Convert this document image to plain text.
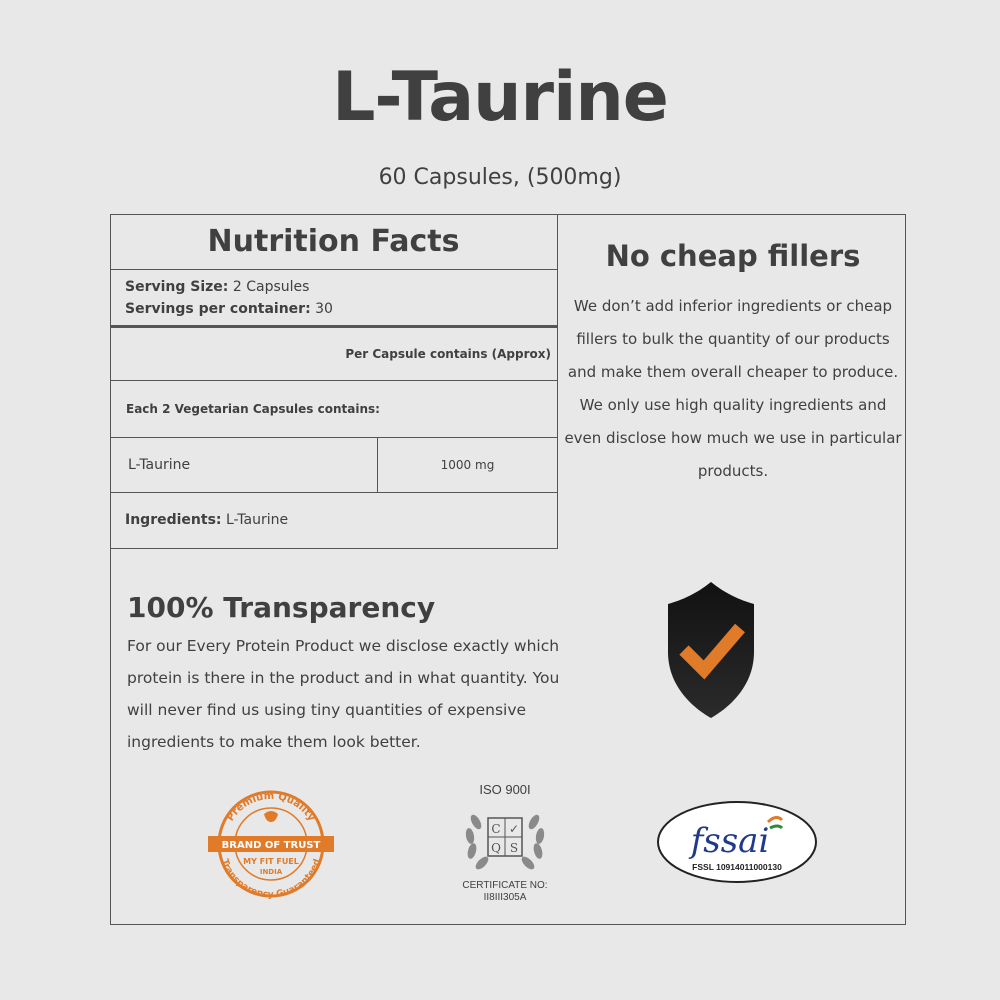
L-Taurine
60 Capsules, (500mg)
Nutrition Facts
Serving Size: 2 Capsules
Servings per container: 30
Per Capsule contains (Approx)
Each 2 Vegetarian Capsules contains:
L-Taurine	1000 mg
Ingredients: L-Taurine
No cheap fillers
We don’t add inferior ingredients or cheap fillers to bulk the quantity of our products and make them overall cheaper to produce. We only use high quality ingredients and even disclose how much we use in particular products.
100% Transparency
For our Every Protein Product we disclose exactly which protein is there in the product and in what quantity. You will never find us using tiny quantities of expensive ingredients to make them look better.
Premium Quality
Transparency Guaranteed
BRAND OF TRUST
MY FIT FUEL
INDIA
ISO 900I
C ✓
Q S
CERTIFICATE NO:
II8III305A
fssai
FSSL 10914011000130
